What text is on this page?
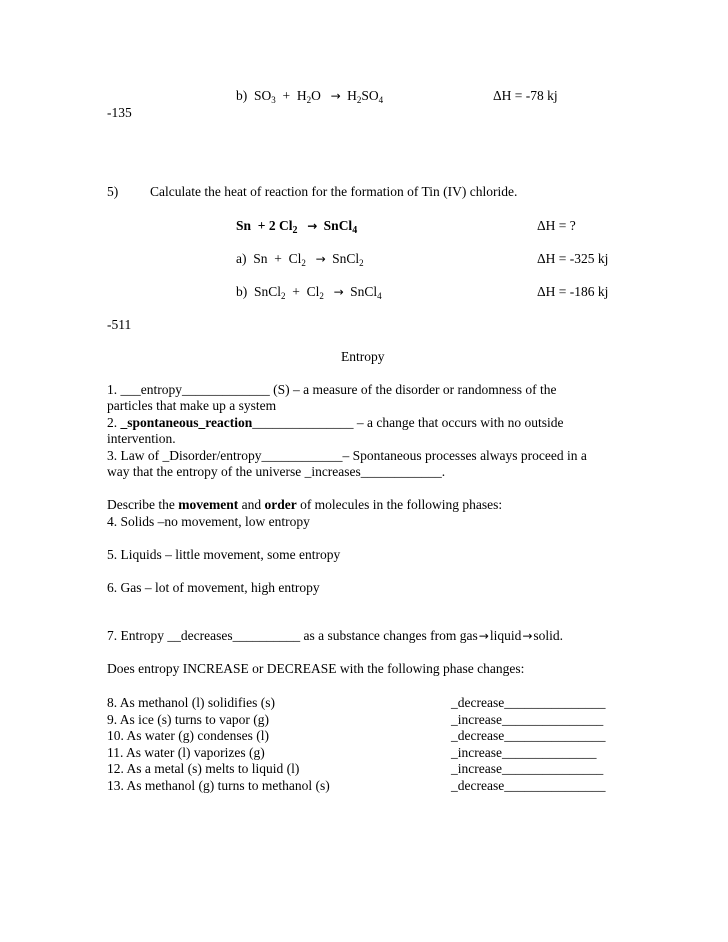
b) $SO_3 + H_2O \to H_2SO_4$	ΔH = -78 kj
-135
5) Calculate the heat of reaction for the formation of Tin (IV) chloride.
Sn + 2 $Cl_2$ → SnCl$_4$	ΔH = ?
a) $Sn + Cl_2$ → SnCl$_2$	ΔH = -325 kj
b) SnCl$_2$ + $Cl_2$ → SnCl$_4$	ΔH = -186 kj
-511
Entropy
1. ___entropy_____________ (S) – a measure of the disorder or randomness of the
particles that make up a system
2. _spontaneous_reaction_______________ – a change that occurs with no outside
intervention.
3. Law of _Disorder/entropy____________– Spontaneous processes always proceed in a
way that the entropy of the universe _increases____________.
Describe the movement and order of molecules in the following phases:
4. Solids –no movement, low entropy
5. Liquids – little movement, some entropy
6. Gas – lot of movement, high entropy
7. Entropy __decreases__________ as a substance changes from gas→liquid→solid.
Does entropy INCREASE or DECREASE with the following phase changes:
8. As methanol (l) solidifies (s)	_decrease_______________
9. As ice (s) turns to vapor (g)	_increase_______________
10. As water (g) condenses (l)	_decrease_______________
11. As water (l) vaporizes (g)	_increase______________
12. As a metal (s) melts to liquid (l)	_increase_______________
13. As methanol (g) turns to methanol (s)	_decrease_______________
